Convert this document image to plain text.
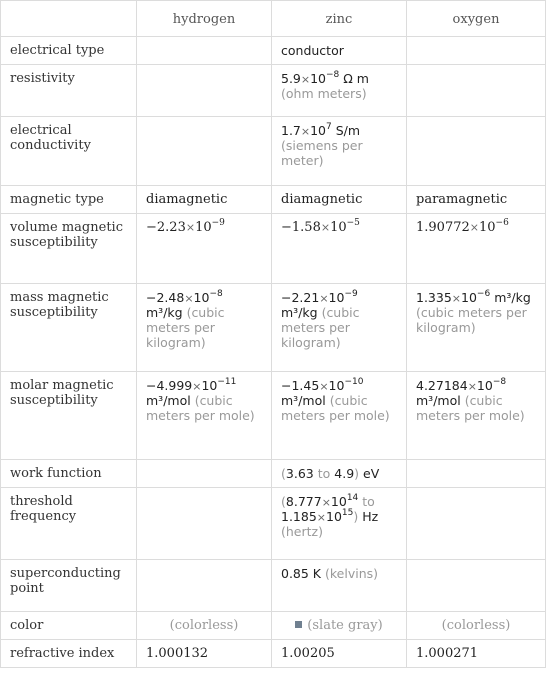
	hydrogen	zinc	oxygen
electrical type		conductor	
resistivity		$5.9\times 10^{-8}$ Ω m
(ohm meters)	
electrical conductivity		$1.7\times 10^7$ S/m
(siemens per meter)	
magnetic type	diamagnetic	diamagnetic	paramagnetic
volume magnetic susceptibility	$-2.23\times 10^{-9}$	$-1.58\times 10^{-5}$	$1.90772\times 10^{-6}$
mass magnetic susceptibility	$-2.48\times 10^{-8}$ m³/kg (cubic meters per kilogram)	$-2.21\times 10^{-9}$ m³/kg (cubic meters per kilogram)	$1.335\times 10^{-6}$ m³/kg (cubic meters per kilogram)
molar magnetic susceptibility	$-4.999\times 10^{-11}$ m³/mol (cubic meters per mole)	$-1.45\times 10^{-10}$ m³/mol (cubic meters per mole)	$4.27184\times 10^{-8}$ m³/mol (cubic meters per mole)
work function		(3.63 to 4.9) eV	
threshold frequency		($8.777\times 10^{14}$ to $1.185\times 10^{15}$) Hz
(hertz)	
superconducting point		0.85 K (kelvins)	
color	(colorless)	(slate gray)	(colorless)
refractive index	1.000132	1.00205	1.000271
